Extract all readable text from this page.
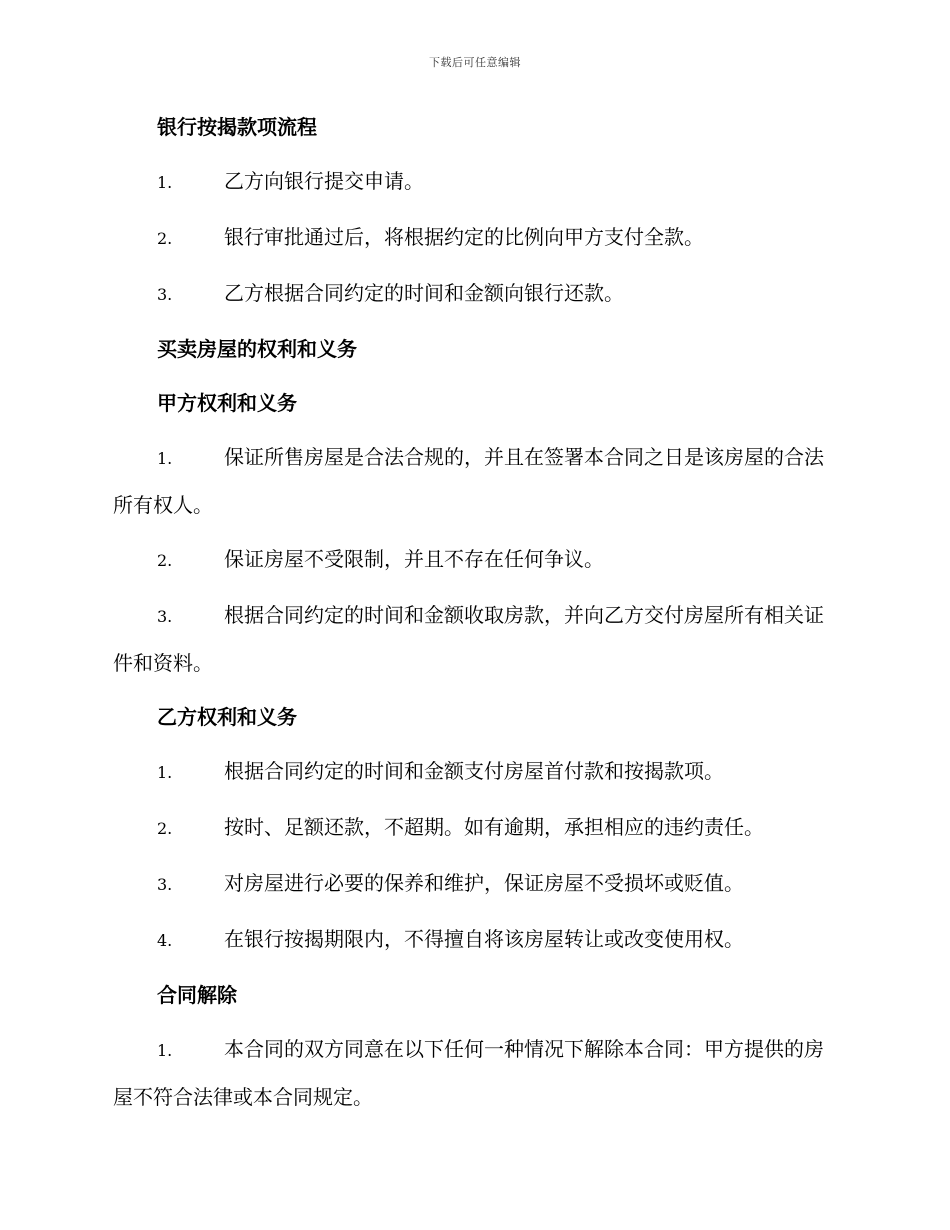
下载后可任意编辑
银行按揭款项流程
1.	乙方向银行提交申请。
2.	银行审批通过后，将根据约定的比例向甲方支付全款。
3.	乙方根据合同约定的时间和金额向银行还款。
买卖房屋的权利和义务
甲方权利和义务
1.	保证所售房屋是合法合规的，并且在签署本合同之日是该房屋的合法所有权人。
2.	保证房屋不受限制，并且不存在任何争议。
3.	根据合同约定的时间和金额收取房款，并向乙方交付房屋所有相关证件和资料。
乙方权利和义务
1.	根据合同约定的时间和金额支付房屋首付款和按揭款项。
2.	按时、足额还款，不超期。如有逾期，承担相应的违约责任。
3.	对房屋进行必要的保养和维护，保证房屋不受损坏或贬值。
4.	在银行按揭期限内，不得擅自将该房屋转让或改变使用权。
合同解除
1.	本合同的双方同意在以下任何一种情况下解除本合同：甲方提供的房屋不符合法律或本合同规定。
